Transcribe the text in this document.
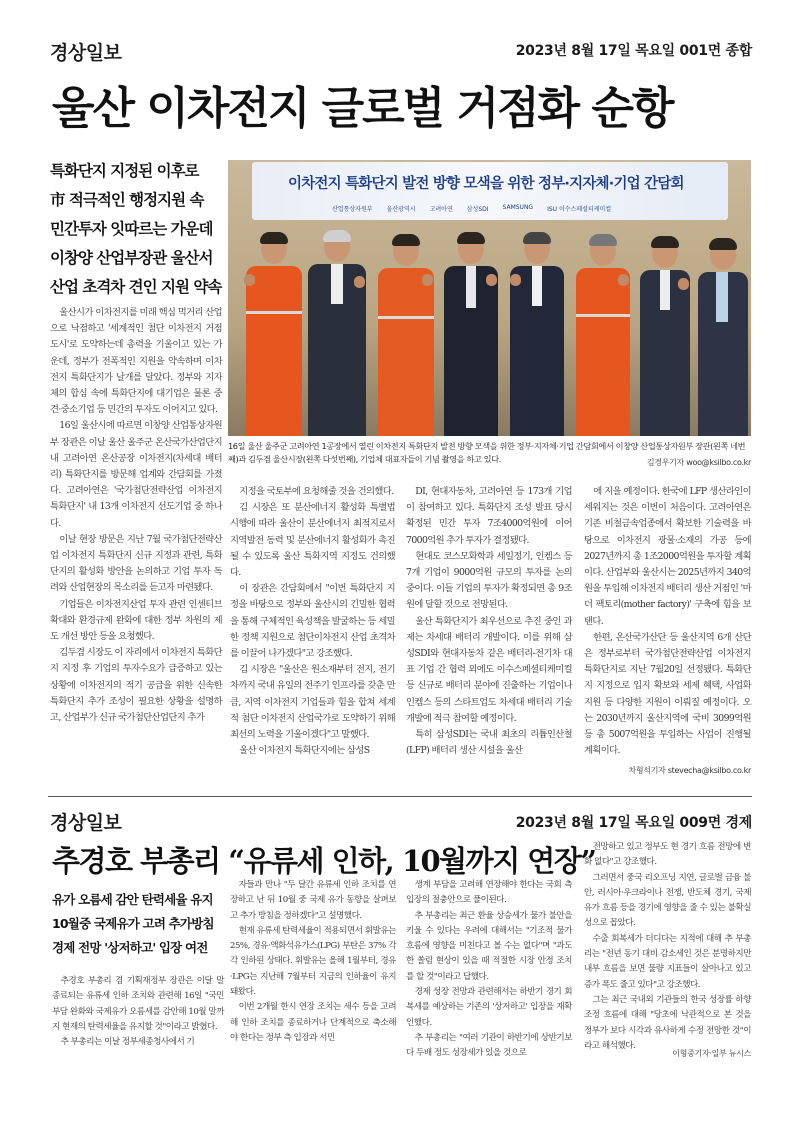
경상일보	2023년 8월 17일 목요일 001면 종합
울산 이차전지 글로벌 거점화 순항
특화단지 지정된 이후로
市 적극적인 행정지원 속
민간투자 잇따르는 가운데
이창양 산업부장관 울산서
산업 초격차 견인 지원 약속
이차전지 특화단지 발전 방향 모색을 위한 정부·지자체·기업 간담회
산업통상자원부 울산광역시 고려아연 삼성SDI SAMSUNG ISU 이수스페셜티케미컬
16일 울산 울주군 고려아연 1공장에서 열린 이차전지 특화단지 발전 방향 모색을 위한 정부·지자체·기업 간담회에서 이창양 산업통상자원부 장관(왼쪽 네번째)과 김두겸 울산시장(왼쪽 다섯번째), 기업체 대표자들이 기념 촬영을 하고 있다.	김경우기자 woo@ksilbo.co.kr

울산시가 이차전지를 미래 핵심 먹거리 산업으로 낙점하고 '세계적인 첨단 이차전지 거점도시'로 도약하는데 총력을 기울이고 있는 가운데, 정부가 전폭적인 지원을 약속하며 이차전지 특화단지가 날개를 달았다. 정부와 지자체의 합심 속에 특화단지에 대기업은 물론 중견·중소기업 등 민간의 투자도 이어지고 있다.

16일 울산시에 따르면 이창양 산업통상자원부 장관은 이날 울산 울주군 온산국가산업단지 내 고려아연 온산공장 이차전지(차세대 배터리) 특화단지를 방문해 업계와 간담회를 가졌다. 고려아연은 '국가첨단전략산업 이차전지 특화단지' 내 13개 이차전지 선도기업 중 하나다.

이날 현장 방문은 지난 7월 국가첨단전략산업 이차전지 특화단지 신규 지정과 관련, 특화단지의 활성화 방안을 논의하고 기업 투자 독려와 산업현장의 목소리를 듣고자 마련됐다.

기업들은 이차전지산업 투자 관련 인센티브 확대와 환경규제 완화에 대한 정부 차원의 제도 개선 방안 등을 요청했다.

김두겸 시장도 이 자리에서 이차전지 특화단지 지정 후 기업의 투자수요가 급증하고 있는 상황에 이차전지의 적기 공급을 위한 신속한 특화단지 추가 조성이 필요한 상황을 설명하고, 산업부가 신규 국가첨단산업단지 추가

지정을 국토부에 요청해줄 것을 건의했다.

김 시장은 또 분산에너지 활성화 특별법 시행에 따라 울산이 분산에너지 최적지로서 지역발전 동력 및 분산에너지 활성화가 촉진될 수 있도록 울산 특화지역 지정도 건의했다.

이 장관은 간담회에서 "이번 특화단지 지정을 바탕으로 정부와 울산시의 긴밀한 협력을 통해 구체적인 육성책을 발굴하는 등 세밀한 정책 지원으로 첨단이차전지 산업 초격차를 이끌어 나가겠다"고 강조했다.

김 시장은 "울산은 원소재부터 전지, 전기차까지 국내 유일의 전주기 인프라를 갖춘 만큼, 지역 이차전지 기업들과 힘을 합쳐 세계적 첨단 이차전지 산업국가로 도약하기 위해 최선의 노력을 기울이겠다"고 말했다.

울산 이차전지 특화단지에는 삼성S

DI, 현대자동차, 고려아연 등 173개 기업이 참여하고 있다. 특화단지 조성 발표 당시 확정된 민간 투자 7조4000억원에 이어 7000억원 추가 투자가 결정됐다.

현대도 코스모화학과 세일정기, 인켐스 등 7개 기업이 9000억원 규모의 투자를 논의 중이다. 이들 기업의 투자가 확정되면 총 9조원에 달할 것으로 전망된다.

울산 특화단지가 최우선으로 추진 중인 과제는 차세대 배터리 개발이다. 이를 위해 삼성SDI와 현대자동차 같은 배터리-전기차 대표 기업 간 협력 외에도 이수스페셜티케미컬 등 신규로 배터리 분야에 진출하는 기업이나 인켐스 등의 스타트업도 차세대 배터리 기술 개발에 적극 참여할 예정이다.

특히 삼성SDI는 국내 최초의 리튬인산철(LFP) 배터리 생산 시설을 울산

에 지을 예정이다. 한국에 LFP 생산라인이 세워지는 것은 이번이 처음이다. 고려아연은 기존 비철금속업종에서 확보한 기술력을 바탕으로 이차전지 광물·소재의 가공 등에 2027년까지 총 1조2000억원을 투자할 계획이다. 산업부와 울산시는 2025년까지 340억원을 투입해 이차전지 배터리 생산 거점인 '마더 팩토리(mother factory)' 구축에 힘을 보탠다.

한편, 온산국가산단 등 울산지역 6개 산단은 정부로부터 국가첨단전략산업 이차전지 특화단지로 지난 7월20일 선정됐다. 특화단지 지정으로 입지 확보와 세제 혜택, 사업화 지원 등 다양한 지원이 이뤄질 예정이다. 오는 2030년까지 울산지역에 국비 3099억원 등 총 5007억원을 투입하는 사업이 진행될 계획이다.

차형석기자 stevecha@ksilbo.co.kr
경상일보	2023년 8월 17일 목요일 009면 경제
추경호 부총리 “유류세 인하, 10월까지 연장”
유가 오름세 감안 탄력세율 유지
10월중 국제유가 고려 추가방침
경제 전망 '상저하고' 입장 여전

추경호 부총리 겸 기획재정부 장관은 이달 말 종료되는 유류세 인하 조치와 관련해 16일 "국민 부담 완화와 국제유가 오름세를 감안해 10월 말까지 현재의 탄력세율을 유지할 것"이라고 밝혔다.

추 부총리는 이날 정부세종청사에서 기

자들과 만나 "두 달간 유류세 인하 조치를 연장하고 난 뒤 10월 중 국제 유가 동향을 살펴보고 추가 방침을 정하겠다"고 설명했다.

현재 유류세 탄력세율이 적용되면서 휘발유는 25%, 경유·액화석유가스(LPG) 부탄은 37% 각각 인하된 상태다. 휘발유는 올해 1월부터, 경유·LPG는 지난해 7월부터 지금의 인하율이 유지돼왔다.

이번 2개월 한시 연장 조치는 세수 등을 고려해 인하 조치를 종료하거나 단계적으로 축소해야 한다는 정부 측 입장과 서민

생계 부담을 고려해 연장해야 한다는 국회 측 입장의 절충안으로 풀이된다.

추 부총리는 최근 환율 상승세가 물가 불안을 키울 수 있다는 우려에 대해서는 "기조적 물가 흐름에 영향을 미친다고 볼 수는 없다"며 "과도한 쏠림 현상이 있을 때 적절한 시장 안정 조치를 할 것"이라고 답했다.

경제 성장 전망과 관련해서는 하반기 경기 회복세를 예상하는 기존의 '상저하고' 입장을 재확인했다.

추 부총리는 "여러 기관이 하반기에 상반기보다 두배 정도 성장세가 있을 것으로

전망하고 있고 정부도 현 경기 흐름 전망에 변화 없다"고 강조했다.

그러면서 중국 리오프닝 지연, 글로벌 금융 불안, 러시아·우크라이나 전쟁, 반도체 경기, 국제유가 흐름 등을 경기에 영향을 줄 수 있는 불확실성으로 꼽았다.

수출 회복세가 더디다는 지적에 대해 추 부총리는 "전년 동기 대비 감소세인 것은 분명하지만 내부 흐름을 보면 물량 지표들이 살아나고 있고 증가 폭도 줄고 있다"고 강조했다.

그는 최근 국내외 기관들의 한국 성장률 하향 조정 흐름에 대해 "당초에 낙관적으로 본 것을 정부가 보다 시각과 유사하게 수정 전망한 것"이라고 해석했다.

이형중기자·일부 뉴시스
